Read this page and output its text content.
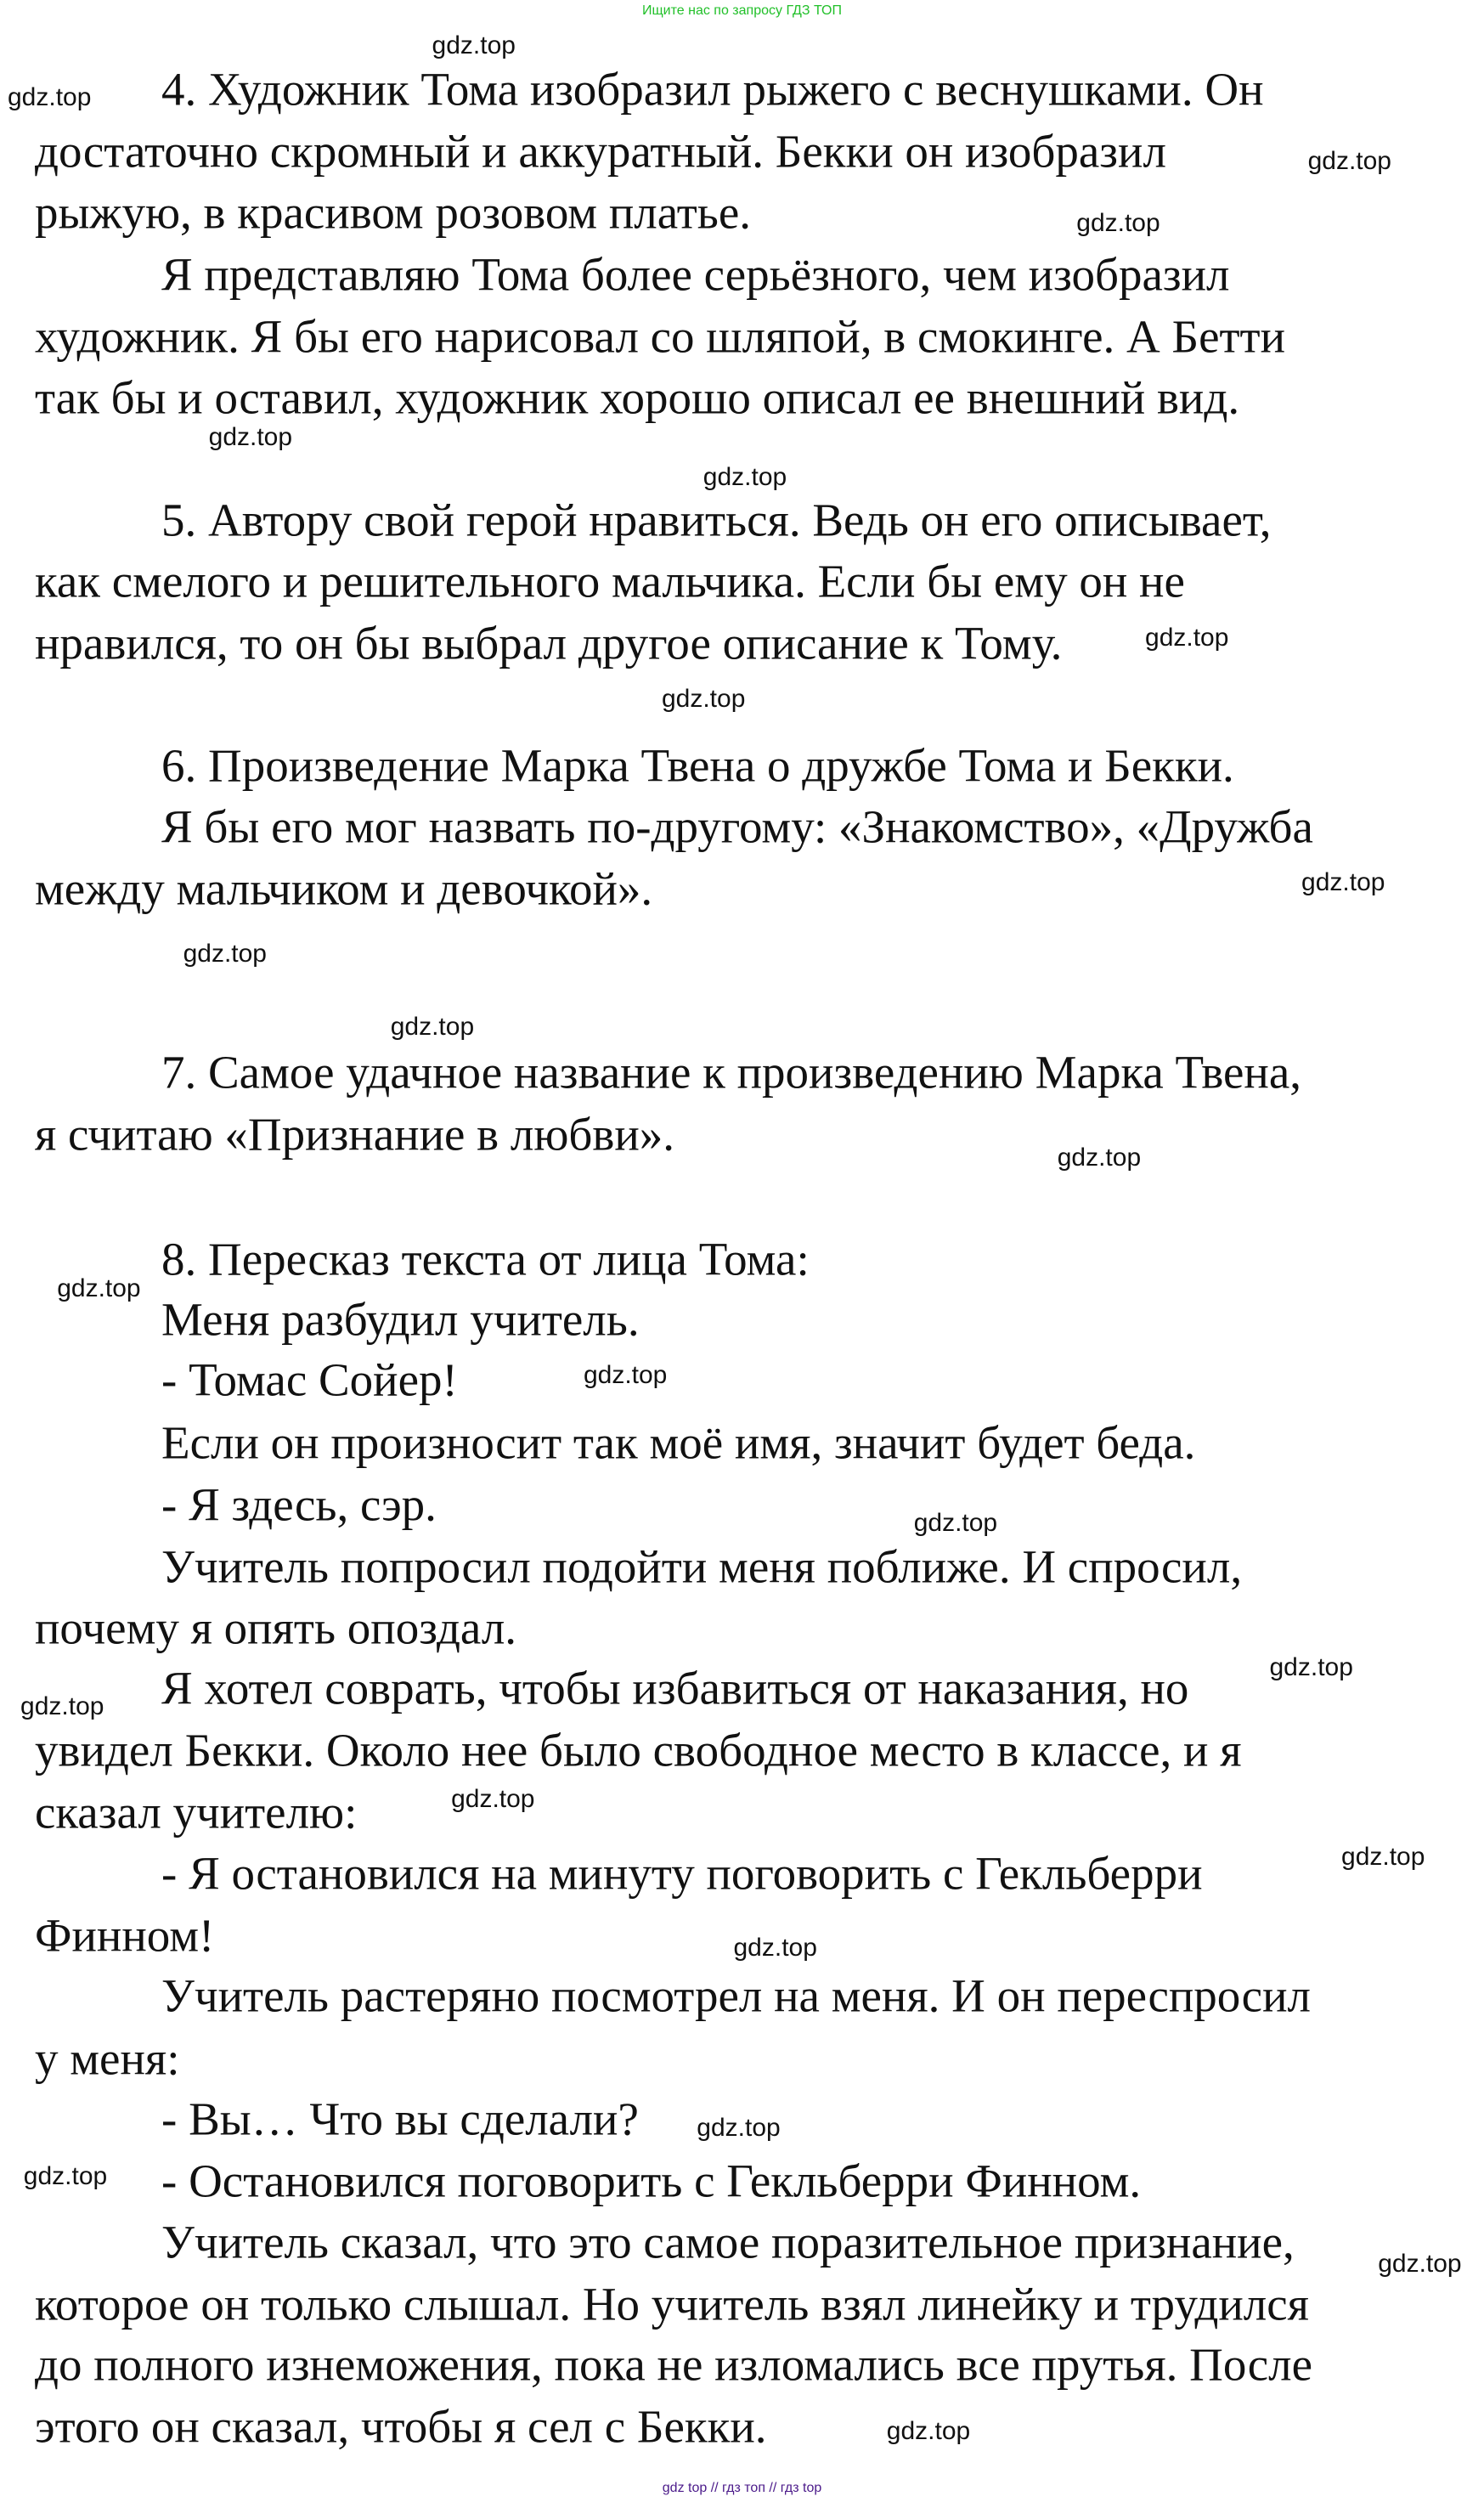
Ищите нас по запросу ГДЗ ТОП
4. Художник Тома изобразил рыжего с веснушками. Он
достаточно скромный и аккуратный. Бекки он изобразил
рыжую, в красивом розовом платье.
Я представляю Тома более серьёзного, чем изобразил
художник. Я бы его нарисовал со шляпой, в смокинге. А Бетти
так бы и оставил, художник хорошо описал ее внешний вид.
5. Автору свой герой нравиться. Ведь он его описывает,
как смелого и решительного мальчика. Если бы ему он не
нравился, то он бы выбрал другое описание к Тому.
6. Произведение Марка Твена о дружбе Тома и Бекки.
Я бы его мог назвать по-другому: «Знакомство», «Дружба
между мальчиком и девочкой».
7. Самое удачное название к произведению Марка Твена,
я считаю «Признание в любви».
8. Пересказ текста от лица Тома:
Меня разбудил учитель.
- Томас Сойер!
Если он произносит так моё имя, значит будет беда.
- Я здесь, сэр.
Учитель попросил подойти меня поближе. И спросил,
почему я опять опоздал.
Я хотел соврать, чтобы избавиться от наказания, но
увидел Бекки. Около нее было свободное место в классе, и я
сказал учителю:
- Я остановился на минуту поговорить с Гекльберри
Финном!
Учитель растеряно посмотрел на меня. И он переспросил
у меня:
- Вы… Что вы сделали?
- Остановился поговорить с Гекльберри Финном.
Учитель сказал, что это самое поразительное признание,
которое он только слышал. Но учитель взял линейку и трудился
до полного изнеможения, пока не изломались все прутья. После
этого он сказал, чтобы я сел с Бекки.
gdz.top
gdz.top
gdz.top
gdz.top
gdz.top
gdz.top
gdz.top
gdz.top
gdz.top
gdz.top
gdz.top
gdz.top
gdz.top
gdz.top
gdz.top
gdz.top
gdz.top
gdz.top
gdz.top
gdz.top
gdz.top
gdz.top
gdz.top
gdz.top
gdz top // гдз топ // гдз top
